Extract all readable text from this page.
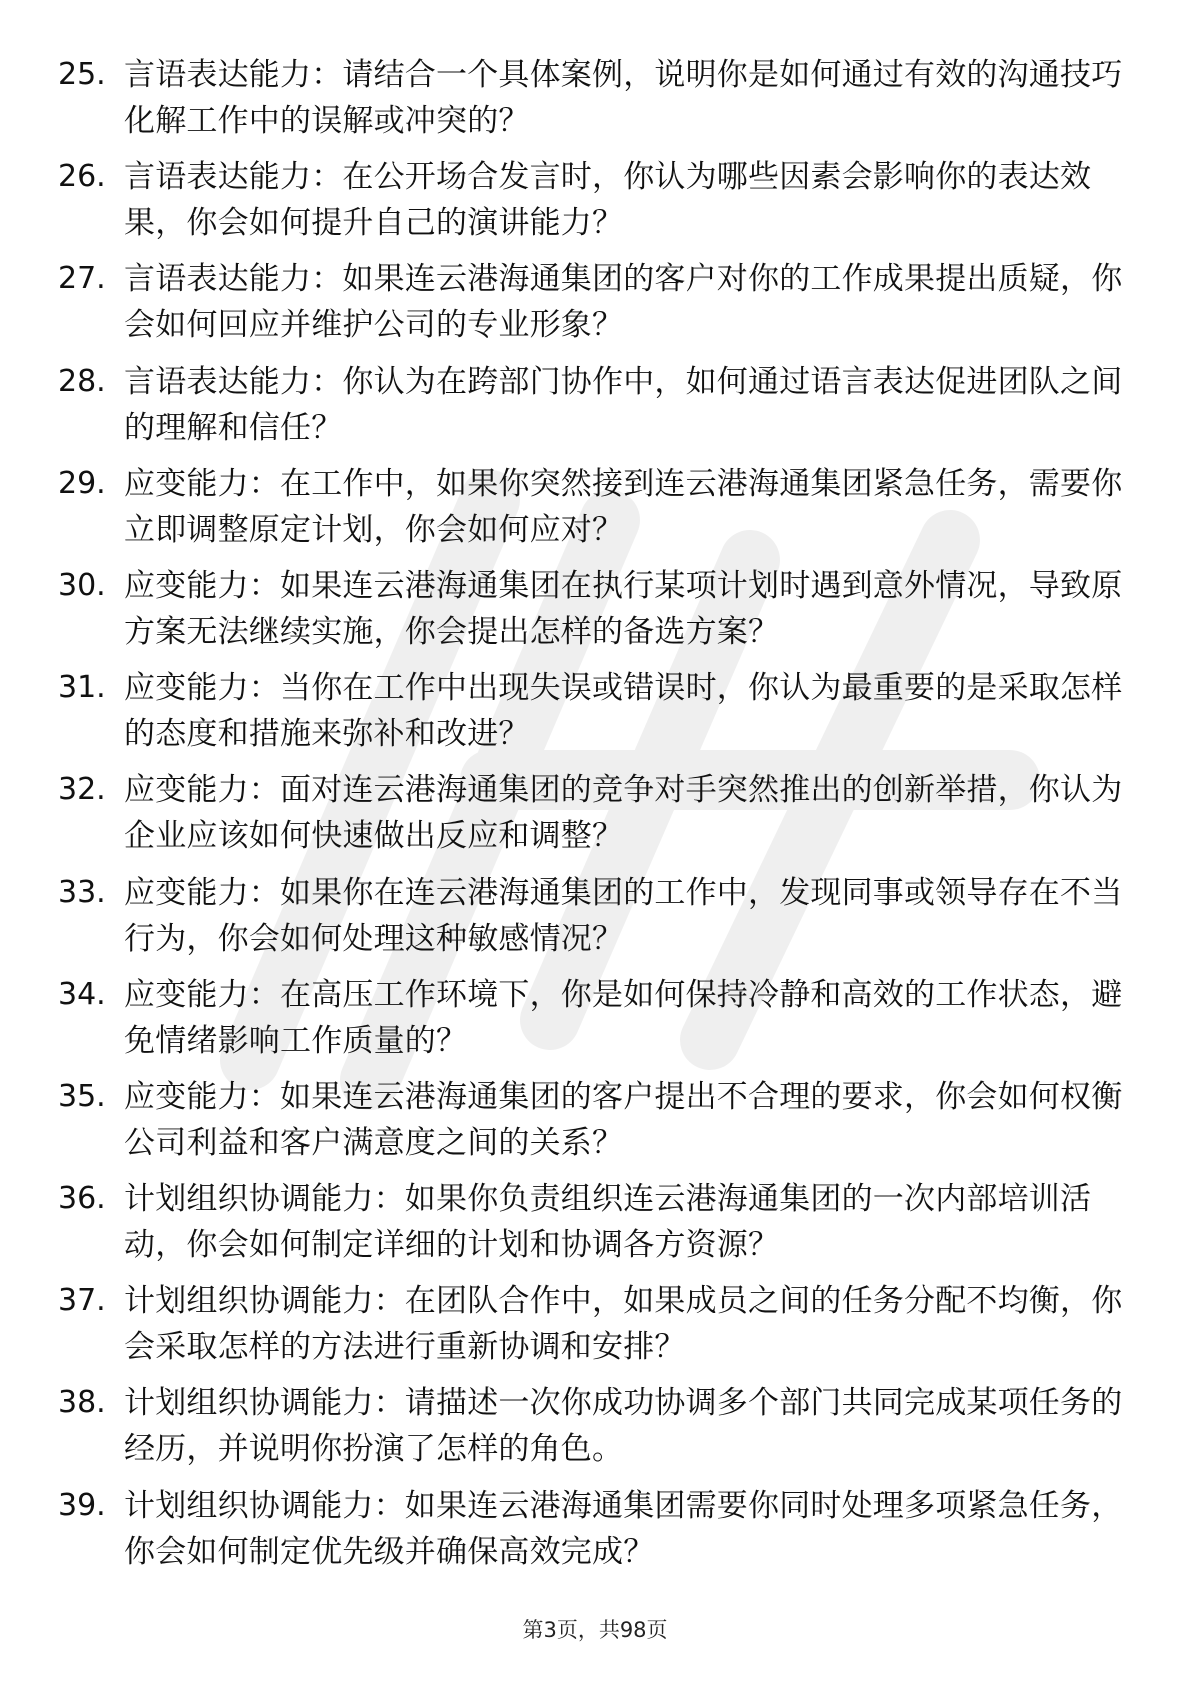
25. 言语表达能力：请结合一个具体案例，说明你是如何通过有效的沟通技巧化解工作中的误解或冲突的？
26. 言语表达能力：在公开场合发言时，你认为哪些因素会影响你的表达效果，你会如何提升自己的演讲能力？
27. 言语表达能力：如果连云港海通集团的客户对你的工作成果提出质疑，你会如何回应并维护公司的专业形象？
28. 言语表达能力：你认为在跨部门协作中，如何通过语言表达促进团队之间的理解和信任？
29. 应变能力：在工作中，如果你突然接到连云港海通集团紧急任务，需要你立即调整原定计划，你会如何应对？
30. 应变能力：如果连云港海通集团在执行某项计划时遇到意外情况，导致原方案无法继续实施，你会提出怎样的备选方案？
31. 应变能力：当你在工作中出现失误或错误时，你认为最重要的是采取怎样的态度和措施来弥补和改进？
32. 应变能力：面对连云港海通集团的竞争对手突然推出的创新举措，你认为企业应该如何快速做出反应和调整？
33. 应变能力：如果你在连云港海通集团的工作中，发现同事或领导存在不当行为，你会如何处理这种敏感情况？
34. 应变能力：在高压工作环境下，你是如何保持冷静和高效的工作状态，避免情绪影响工作质量的？
35. 应变能力：如果连云港海通集团的客户提出不合理的要求，你会如何权衡公司利益和客户满意度之间的关系？
36. 计划组织协调能力：如果你负责组织连云港海通集团的一次内部培训活动，你会如何制定详细的计划和协调各方资源？
37. 计划组织协调能力：在团队合作中，如果成员之间的任务分配不均衡，你会采取怎样的方法进行重新协调和安排？
38. 计划组织协调能力：请描述一次你成功协调多个部门共同完成某项任务的经历，并说明你扮演了怎样的角色。
39. 计划组织协调能力：如果连云港海通集团需要你同时处理多项紧急任务，你会如何制定优先级并确保高效完成？
第3页，共98页
